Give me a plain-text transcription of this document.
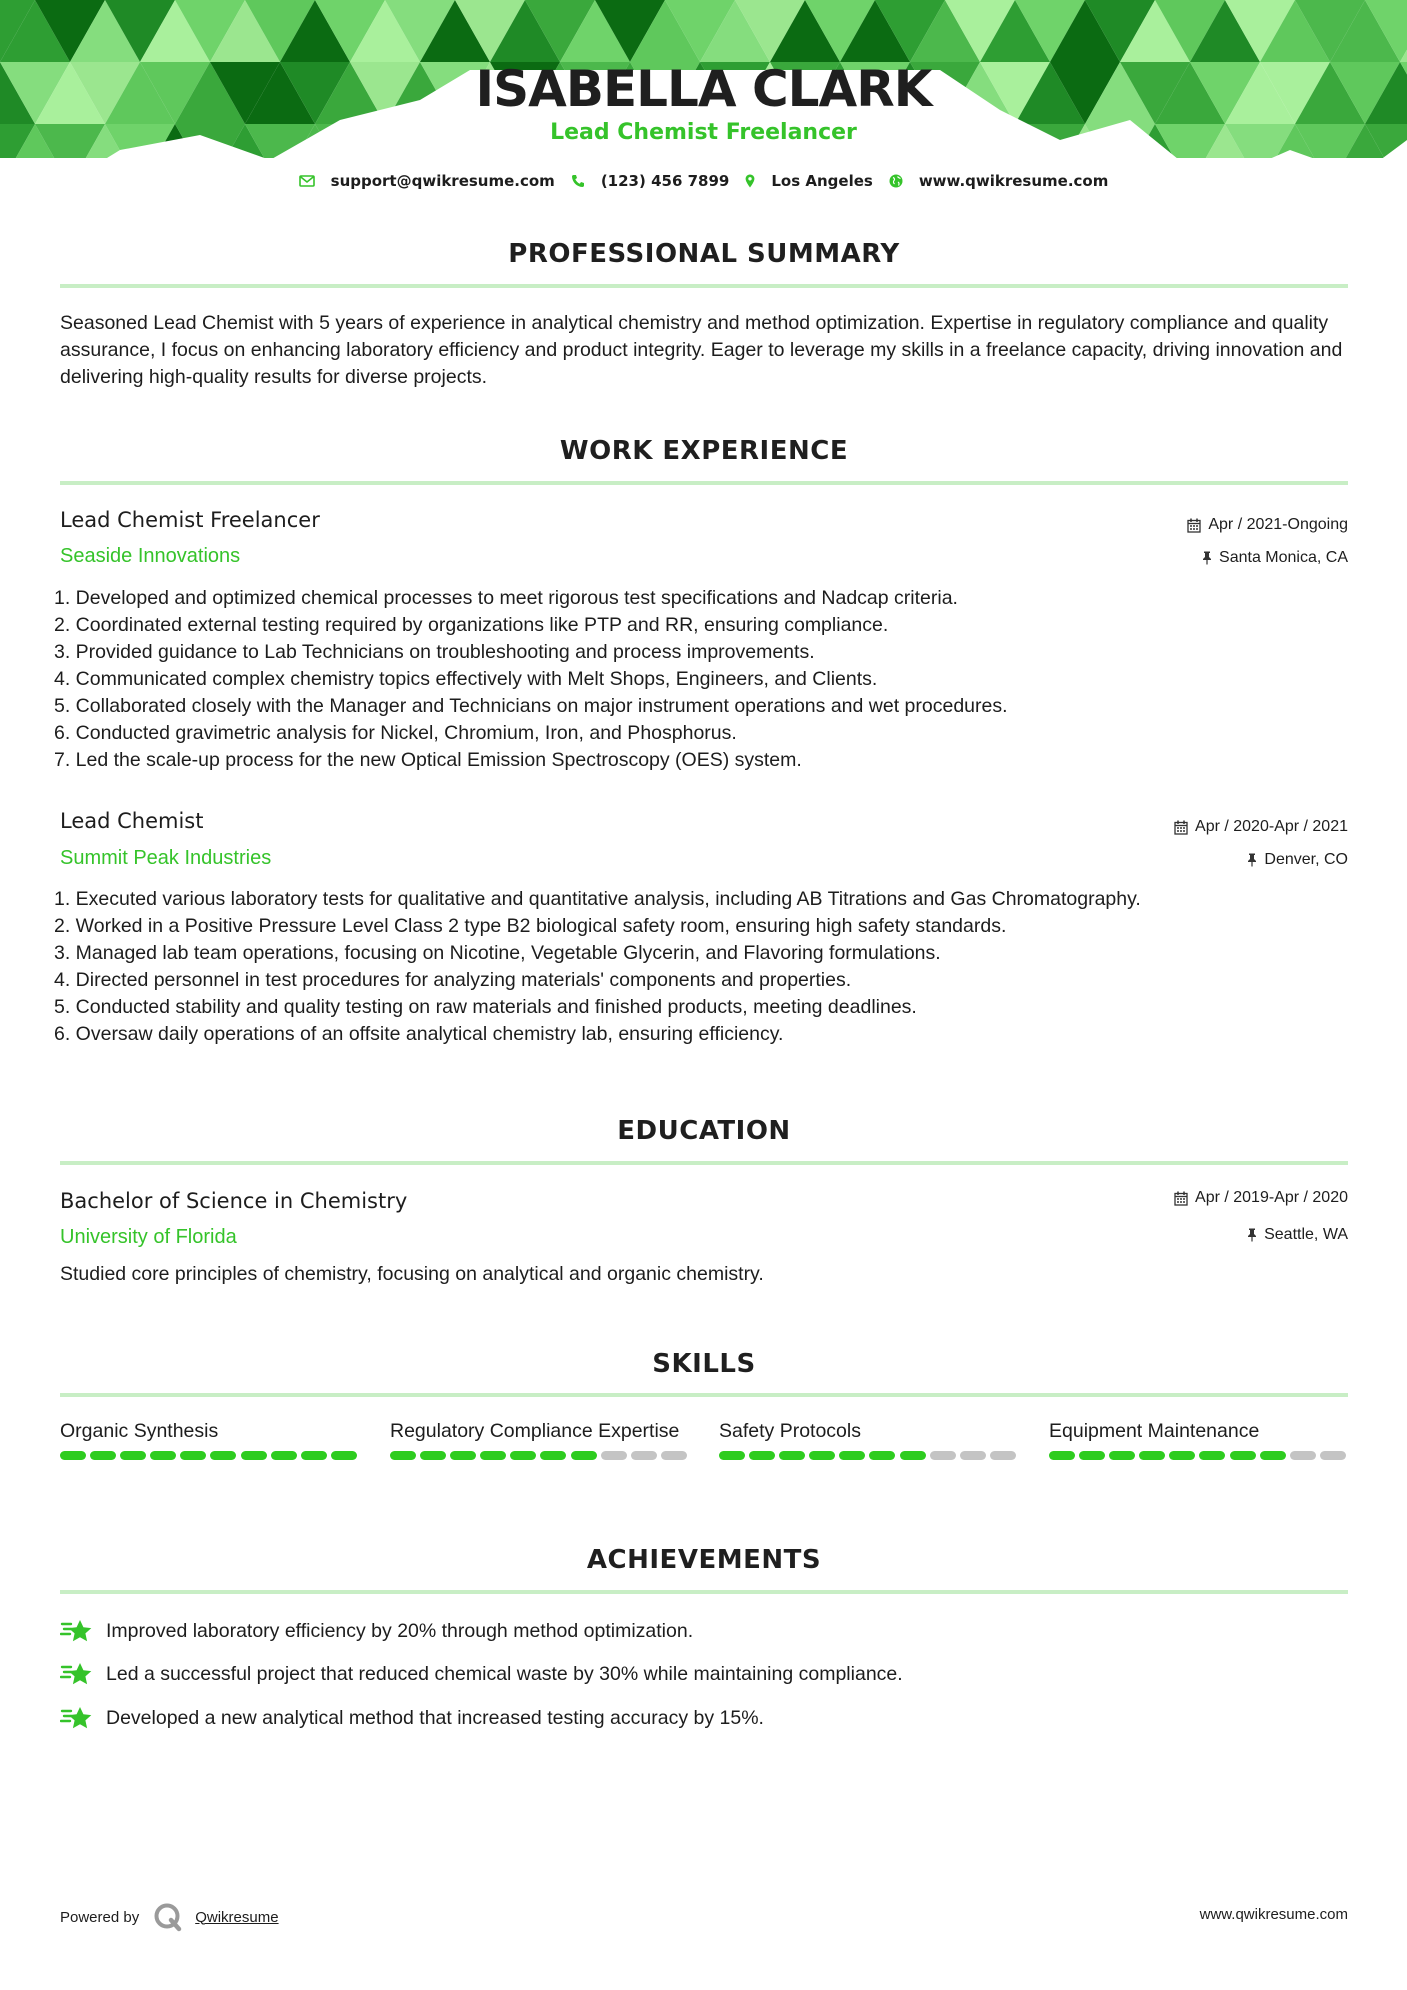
ISABELLA CLARK
Lead Chemist Freelancer
support@qwikresume.com	(123) 456 7899	Los Angeles	www.qwikresume.com
PROFESSIONAL SUMMARY

Seasoned Lead Chemist with 5 years of experience in analytical chemistry and method optimization. Expertise in regulatory compliance and quality assurance, I focus on enhancing laboratory efficiency and product integrity. Eager to leverage my skills in a freelance capacity, driving innovation and delivering high-quality results for diverse projects.

WORK EXPERIENCE
Lead Chemist Freelancer
Seaside Innovations
Apr / 2021-Ongoing
Santa Monica, CA
1. Developed and optimized chemical processes to meet rigorous test specifications and Nadcap criteria.
2. Coordinated external testing required by organizations like PTP and RR, ensuring compliance.
3. Provided guidance to Lab Technicians on troubleshooting and process improvements.
4. Communicated complex chemistry topics effectively with Melt Shops, Engineers, and Clients.
5. Collaborated closely with the Manager and Technicians on major instrument operations and wet procedures.
6. Conducted gravimetric analysis for Nickel, Chromium, Iron, and Phosphorus.
7. Led the scale-up process for the new Optical Emission Spectroscopy (OES) system.
Lead Chemist
Summit Peak Industries
Apr / 2020-Apr / 2021
Denver, CO
1. Executed various laboratory tests for qualitative and quantitative analysis, including AB Titrations and Gas Chromatography.
2. Worked in a Positive Pressure Level Class 2 type B2 biological safety room, ensuring high safety standards.
3. Managed lab team operations, focusing on Nicotine, Vegetable Glycerin, and Flavoring formulations.
4. Directed personnel in test procedures for analyzing materials' components and properties.
5. Conducted stability and quality testing on raw materials and finished products, meeting deadlines.
6. Oversaw daily operations of an offsite analytical chemistry lab, ensuring efficiency.
EDUCATION
Bachelor of Science in Chemistry
University of Florida
Apr / 2019-Apr / 2020
Seattle, WA

Studied core principles of chemistry, focusing on analytical and organic chemistry.

SKILLS
Organic Synthesis	Regulatory Compliance Expertise	Safety Protocols	Equipment Maintenance
ACHIEVEMENTS
Improved laboratory efficiency by 20% through method optimization.
Led a successful project that reduced chemical waste by 30% while maintaining compliance.
Developed a new analytical method that increased testing accuracy by 15%.
Powered by	Qwikresume	www.qwikresume.com
